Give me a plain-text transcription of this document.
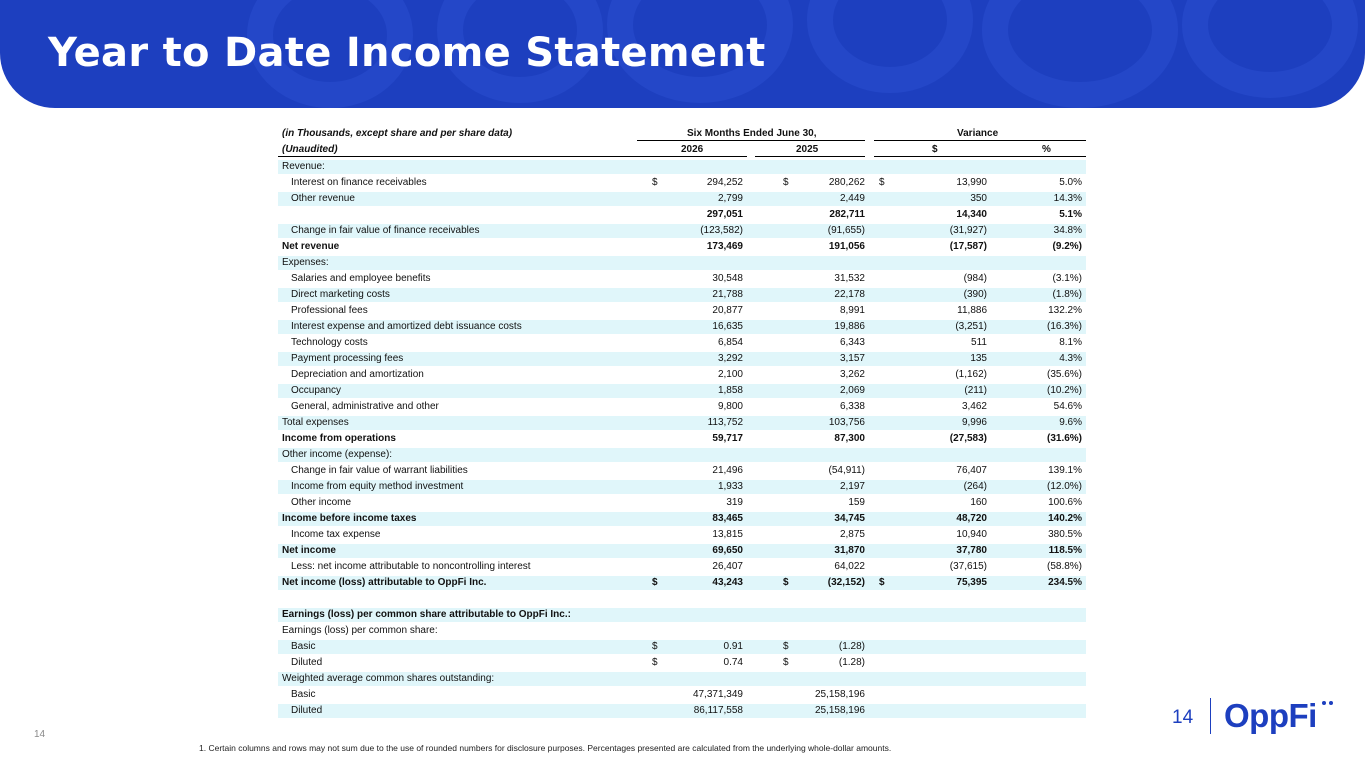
Year to Date Income Statement
(in Thousands, except share and per share data)	Six Months Ended June 30,	Variance
(Unaudited)	2026	2025	$	%
Revenue:
Interest on finance receivables	$	294,252	$	280,262 $	13,990	5.0%
Other revenue	2,799	2,449	350	14.3%
297,051	282,711	14,340	5.1%
Change in fair value of finance receivables	(123,582)	(91,655)	(31,927)	34.8%
Net revenue	173,469	191,056	(17,587)	(9.2%)
Expenses:
Salaries and employee benefits	30,548	31,532	(984)	(3.1%)
Direct marketing costs	21,788	22,178	(390)	(1.8%)
Professional fees	20,877	8,991	11,886	132.2%
Interest expense and amortized debt issuance costs	16,635	19,886	(3,251)	(16.3%)
Technology costs	6,854	6,343	511	8.1%
Payment processing fees	3,292	3,157	135	4.3%
Depreciation and amortization	2,100	3,262	(1,162)	(35.6%)
Occupancy	1,858	2,069	(211)	(10.2%)
General, administrative and other	9,800	6,338	3,462	54.6%
Total expenses	113,752	103,756	9,996	9.6%
Income from operations	59,717	87,300	(27,583)	(31.6%)
Other income (expense):
Change in fair value of warrant liabilities	21,496	(54,911)	76,407	139.1%
Income from equity method investment	1,933	2,197	(264)	(12.0%)
Other income	319	159	160	100.6%
Income before income taxes	83,465	34,745	48,720	140.2%
Income tax expense	13,815	2,875	10,940	380.5%
Net income	69,650	31,870	37,780	118.5%
Less: net income attributable to noncontrolling interest	26,407	64,022	(37,615)	(58.8%)
Net income (loss) attributable to OppFi Inc.	$	43,243	$	(32,152) $	75,395	234.5%
Earnings (loss) per common share attributable to OppFi Inc.:
Earnings (loss) per common share:
Basic	$	0.91	$	(1.28)
Diluted	$	0.74	$	(1.28)
Weighted average common shares outstanding:
Basic	47,371,349	25,158,196
Diluted	86,117,558	25,158,196
14
1. Certain columns and rows may not sum due to the use of rounded numbers for disclosure purposes. Percentages presented are calculated from the underlying whole-dollar amounts.
14 OppFi
